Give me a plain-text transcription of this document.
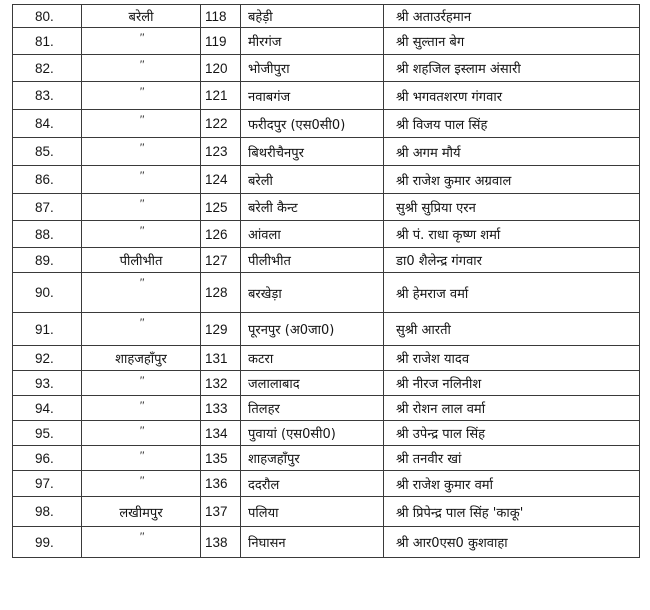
80.	बरेली	118	बहेड़ी	श्री अताउर्रहमान
81.	"	119	मीरगंज	श्री सुल्तान बेग
82.	"	120	भोजीपुरा	श्री शहजिल इस्लाम अंसारी
83.	"	121	नवाबगंज	श्री भगवतशरण गंगवार
84.	"	122	फरीदपुर (एस0सी0)	श्री विजय पाल सिंह
85.	"	123	बिथरीचैनपुर	श्री अगम मौर्य
86.	"	124	बरेली	श्री राजेश कुमार अग्रवाल
87.	"	125	बरेली कैन्ट	सुश्री सुप्रिया एरन
88.	"	126	आंवला	श्री पं. राधा कृष्ण शर्मा
89.	पीलीभीत	127	पीलीभीत	डा0 शैलेन्द्र गंगवार
90.	"	128	बरखेड़ा	श्री हेमराज वर्मा
91.	"	129	पूरनपुर (अ0जा0)	सुश्री आरती
92.	शाहजहाँपुर	131	कटरा	श्री राजेश यादव
93.	"	132	जलालाबाद	श्री नीरज नलिनीश
94.	"	133	तिलहर	श्री रोशन लाल वर्मा
95.	"	134	पुवायां (एस0सी0)	श्री उपेन्द्र पाल सिंह
96.	"	135	शाहजहाँपुर	श्री तनवीर खां
97.	"	136	ददरौल	श्री राजेश कुमार वर्मा
98.	लखीमपुर	137	पलिया	श्री प्रिपेन्द्र पाल सिंह 'काकू'
99.	"	138	निघासन	श्री आर0एस0 कुशवाहा
